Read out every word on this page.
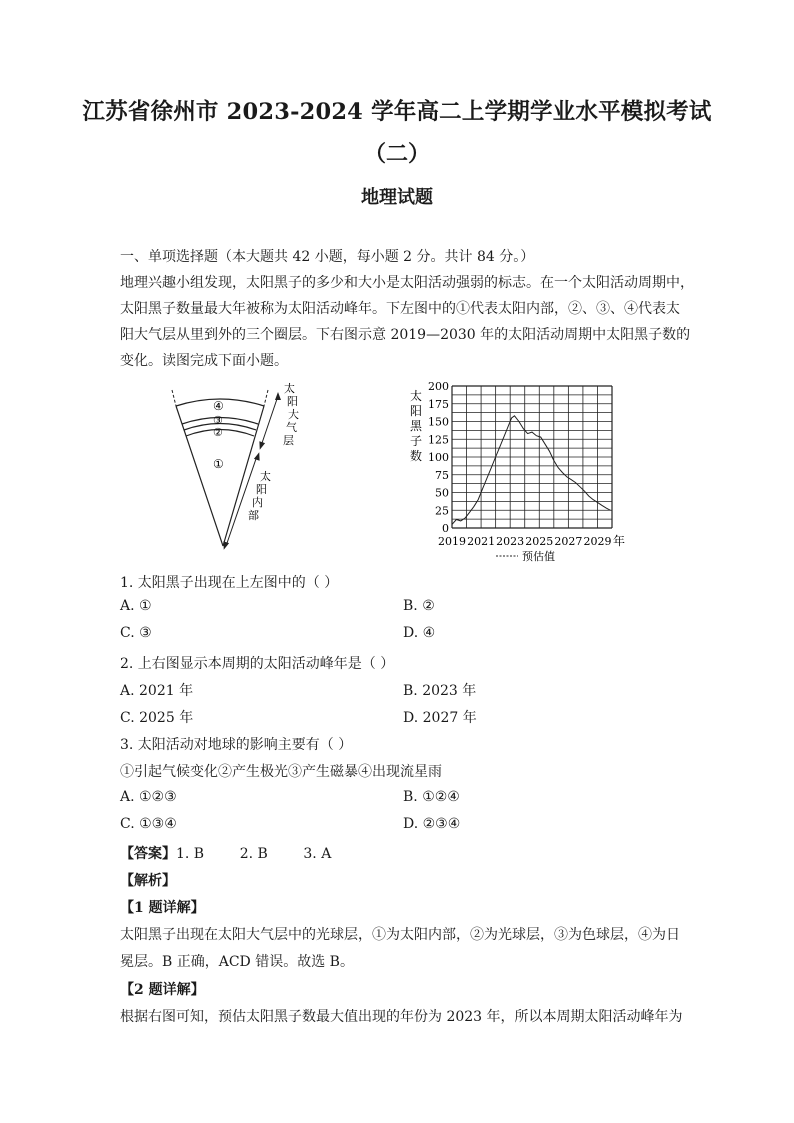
江苏省徐州市 2023-2024 学年高二上学期学业水平模拟考试
（二）
地理试题
一、单项选择题（本大题共 42 小题，每小题 2 分。共计 84 分。）
地理兴趣小组发现，太阳黑子的多少和大小是太阳活动强弱的标志。在一个太阳活动周期中，
太阳黑子数量最大年被称为太阳活动峰年。下左图中的①代表太阳内部，②、③、④代表太
阳大气层从里到外的三个圈层。下右图示意 2019—2030 年的太阳活动周期中太阳黑子数的
变化。读图完成下面小题。
④
③
②
①
太
阳
大
气
层
太
阳
内
部
太
阳
黑
子
数
0
25
50
75
100
125
150
175
200
2019 2021 2023 2025 2027 2029
预估值
年
1. 太阳黑子出现在上左图中的（ ）
A. ①	B. ②
C. ③	D. ④
2. 上右图显示本周期的太阳活动峰年是（ ）
A. 2021 年	B. 2023 年
C. 2025 年	D. 2027 年
3. 太阳活动对地球的影响主要有（ ）
①引起气候变化②产生极光③产生磁暴④出现流星雨
A. ①②③	B. ①②④
C. ①③④	D. ②③④
【答案】1. B        2. B        3. A
【解析】
【1 题详解】
太阳黑子出现在太阳大气层中的光球层，①为太阳内部，②为光球层，③为色球层，④为日
冕层。B 正确，ACD 错误。故选 B。
【2 题详解】
根据右图可知，预估太阳黑子数最大值出现的年份为 2023 年，所以本周期太阳活动峰年为
